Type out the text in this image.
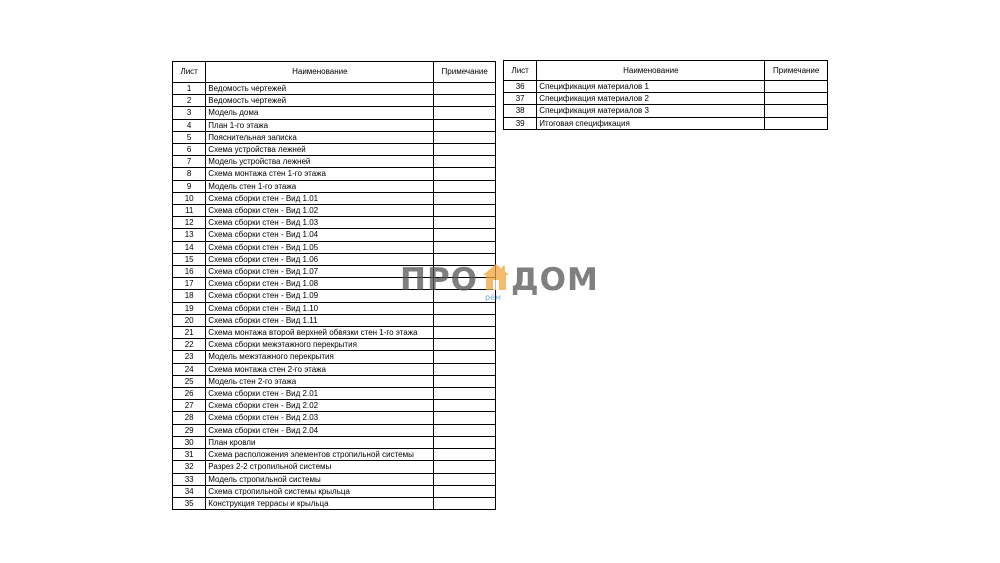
Лист	Наименование	Примечание
1	Ведомость чертежей	
2	Ведомость чертежей	
3	Модель дома	
4	План 1-го этажа	
5	Пояснительная записка	
6	Схема устройства лежней	
7	Модель устройства лежней	
8	Схема монтажа стен 1-го этажа	
9	Модель стен 1-го этажа	
10	Схема сборки стен - Вид 1.01	
11	Схема сборки стен - Вид 1.02	
12	Схема сборки стен - Вид 1.03	
13	Схема сборки стен - Вид 1.04	
14	Схема сборки стен - Вид 1.05	
15	Схема сборки стен - Вид 1.06	
16	Схема сборки стен - Вид 1.07	
17	Схема сборки стен - Вид 1.08	
18	Схема сборки стен - Вид 1.09	
19	Схема сборки стен - Вид 1.10	
20	Схема сборки стен - Вид 1.11	
21	Схема монтажа второй верхней обвязки стен 1-го этажа	
22	Схема сборки межэтажного перекрытия	
23	Модель межэтажного перекрытия	
24	Схема монтажа стен 2-го этажа	
25	Модель стен 2-го этажа	
26	Схема сборки стен - Вид 2.01	
27	Схема сборки стен - Вид 2.02	
28	Схема сборки стен - Вид 2.03	
29	Схема сборки стен - Вид 2.04	
30	План кровли	
31	Схема расположения элементов стропильной системы	
32	Разрез 2-2 стропильной системы	
33	Модель стропильной системы	
34	Схема стропильной системы крыльца	
35	Конструкция террасы и крыльца	
Лист	Наименование	Примечание
36	Спецификация материалов 1	
37	Спецификация материалов 2	
38	Спецификация материалов 3	
39	Итоговая спецификация	
ПРО ДОМ
рём
